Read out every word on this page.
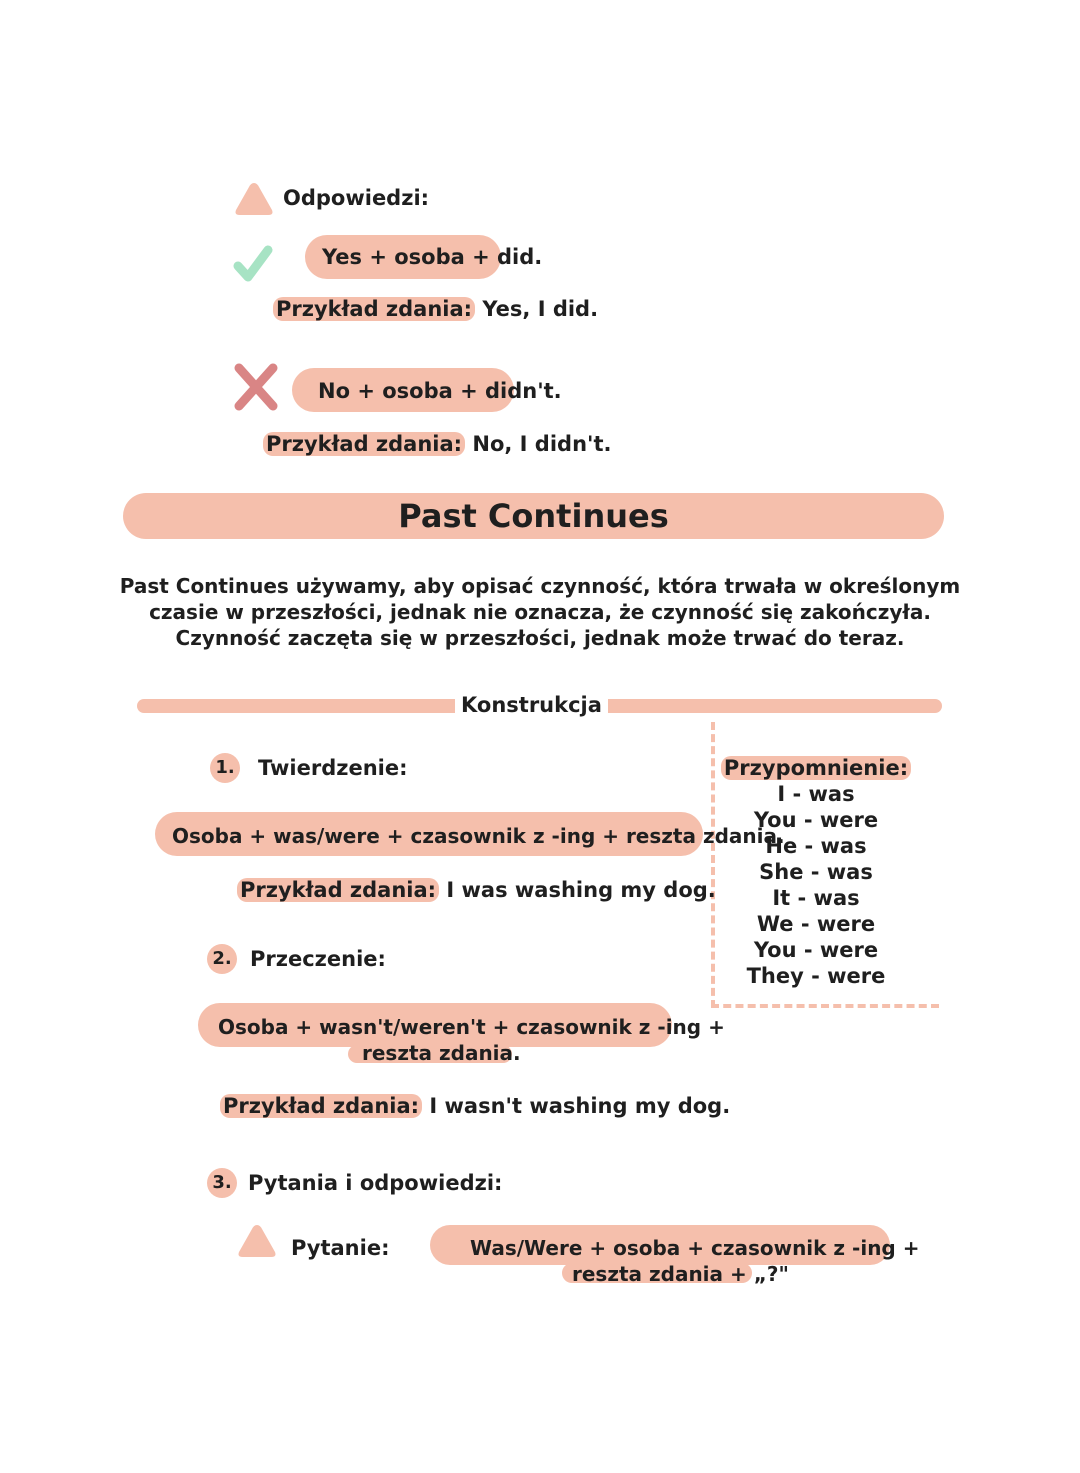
Odpowiedzi:
Yes + osoba + did.
Przykład zdania: Yes, I did.
No + osoba + didn't.
Przykład zdania: No, I didn't.
Past Continues
Past Continues używamy, aby opisać czynność, która trwała w określonym
czasie w przeszłości, jednak nie oznacza, że czynność się zakończyła.
Czynność zaczęta się w przeszłości, jednak może trwać do teraz.
Konstrukcja
Przypomnienie:
I - was
You - were
He - was
She - was
It - was
We - were
You - were
They - were
1. Twierdzenie:
Osoba + was/were + czasownik z -ing + reszta zdania.
Przykład zdania: I was washing my dog.
2. Przeczenie:
Osoba + wasn't/weren't + czasownik z -ing +
reszta zdania.
Przykład zdania: I wasn't washing my dog.
3. Pytania i odpowiedzi:
Pytanie:	Was/Were + osoba + czasownik z -ing +
reszta zdania + „?"
